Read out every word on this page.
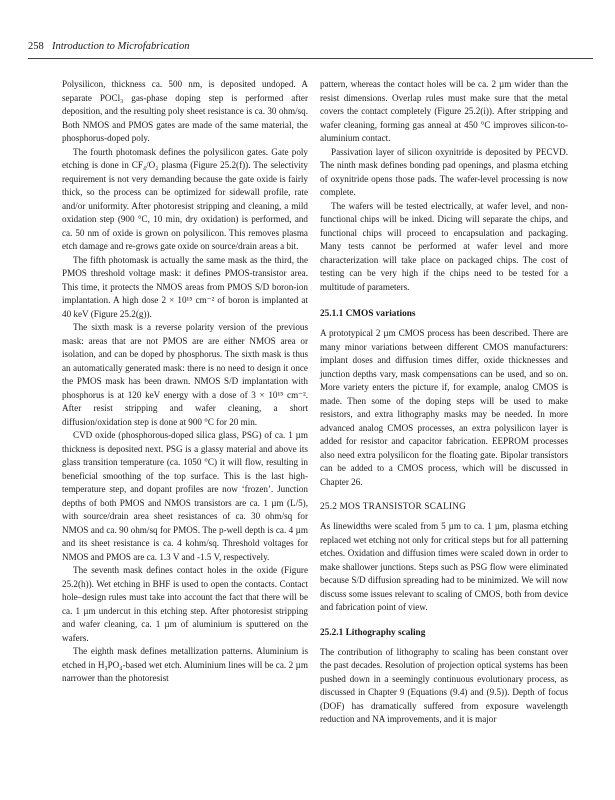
258 Introduction to Microfabrication

Polysilicon, thickness ca. 500 nm, is deposited undoped. A separate POCl₃ gas-phase doping step is performed after deposition, and the resulting poly sheet resistance is ca. 30 ohm/sq. Both NMOS and PMOS gates are made of the same material, the phosphorus-doped poly.

The fourth photomask defines the polysilicon gates. Gate poly etching is done in CF₄/O₂ plasma (Figure 25.2(f)). The selectivity requirement is not very demanding because the gate oxide is fairly thick, so the process can be optimized for sidewall profile, rate and/or uniformity. After photoresist stripping and cleaning, a mild oxidation step (900 °C, 10 min, dry oxidation) is performed, and ca. 50 nm of oxide is grown on polysilicon. This removes plasma etch damage and re-grows gate oxide on source/drain areas a bit.

The fifth photomask is actually the same mask as the third, the PMOS threshold voltage mask: it defines PMOS-transistor area. This time, it protects the NMOS areas from PMOS S/D boron-ion implantation. A high dose 2 × 10¹⁵ cm⁻² of boron is implanted at 40 keV (Figure 25.2(g)).

The sixth mask is a reverse polarity version of the previous mask: areas that are not PMOS are are either NMOS area or isolation, and can be doped by phosphorus. The sixth mask is thus an automatically generated mask: there is no need to design it once the PMOS mask has been drawn. NMOS S/D implantation with phosphorus is at 120 keV energy with a dose of 3 × 10¹⁵ cm⁻². After resist stripping and wafer cleaning, a short diffusion/oxidation step is done at 900 °C for 20 min.

CVD oxide (phosphorous-doped silica glass, PSG) of ca. 1 µm thickness is deposited next. PSG is a glassy material and above its glass transition temperature (ca. 1050 °C) it will flow, resulting in beneficial smoothing of the top surface. This is the last high-temperature step, and dopant profiles are now ‘frozen’. Junction depths of both PMOS and NMOS transistors are ca. 1 µm (L/5), with source/drain area sheet resistances of ca. 30 ohm/sq for NMOS and ca. 90 ohm/sq for PMOS. The p-well depth is ca. 4 µm and its sheet resistance is ca. 4 kohm/sq. Threshold voltages for NMOS and PMOS are ca. 1.3 V and -1.5 V, respectively.

The seventh mask defines contact holes in the oxide (Figure 25.2(h)). Wet etching in BHF is used to open the contacts. Contact hole–design rules must take into account the fact that there will be ca. 1 µm undercut in this etching step. After photoresist stripping and wafer cleaning, ca. 1 µm of aluminium is sputtered on the wafers.

The eighth mask defines metallization patterns. Aluminium is etched in H₃PO₄-based wet etch. Aluminium lines will be ca. 2 µm narrower than the photoresist

pattern, whereas the contact holes will be ca. 2 µm wider than the resist dimensions. Overlap rules must make sure that the metal covers the contact completely (Figure 25.2(i)). After stripping and wafer cleaning, forming gas anneal at 450 °C improves silicon-to-aluminium contact.

Passivation layer of silicon oxynitride is deposited by PECVD. The ninth mask defines bonding pad openings, and plasma etching of oxynitride opens those pads. The wafer-level processing is now complete.

The wafers will be tested electrically, at wafer level, and non-functional chips will be inked. Dicing will separate the chips, and functional chips will proceed to encapsulation and packaging. Many tests cannot be performed at wafer level and more characterization will take place on packaged chips. The cost of testing can be very high if the chips need to be tested for a multitude of parameters.

25.1.1 CMOS variations

A prototypical 2 µm CMOS process has been described. There are many minor variations between different CMOS manufacturers: implant doses and diffusion times differ, oxide thicknesses and junction depths vary, mask compensations can be used, and so on. More variety enters the picture if, for example, analog CMOS is made. Then some of the doping steps will be used to make resistors, and extra lithography masks may be needed. In more advanced analog CMOS processes, an extra polysilicon layer is added for resistor and capacitor fabrication. EEPROM processes also need extra polysilicon for the floating gate. Bipolar transistors can be added to a CMOS process, which will be discussed in Chapter 26.

25.2 MOS TRANSISTOR SCALING

As linewidths were scaled from 5 µm to ca. 1 µm, plasma etching replaced wet etching not only for critical steps but for all patterning etches. Oxidation and diffusion times were scaled down in order to make shallower junctions. Steps such as PSG flow were eliminated because S/D diffusion spreading had to be minimized. We will now discuss some issues relevant to scaling of CMOS, both from device and fabrication point of view.

25.2.1 Lithography scaling

The contribution of lithography to scaling has been constant over the past decades. Resolution of projection optical systems has been pushed down in a seemingly continuous evolutionary process, as discussed in Chapter 9 (Equations (9.4) and (9.5)). Depth of focus (DOF) has dramatically suffered from exposure wavelength reduction and NA improvements, and it is major
